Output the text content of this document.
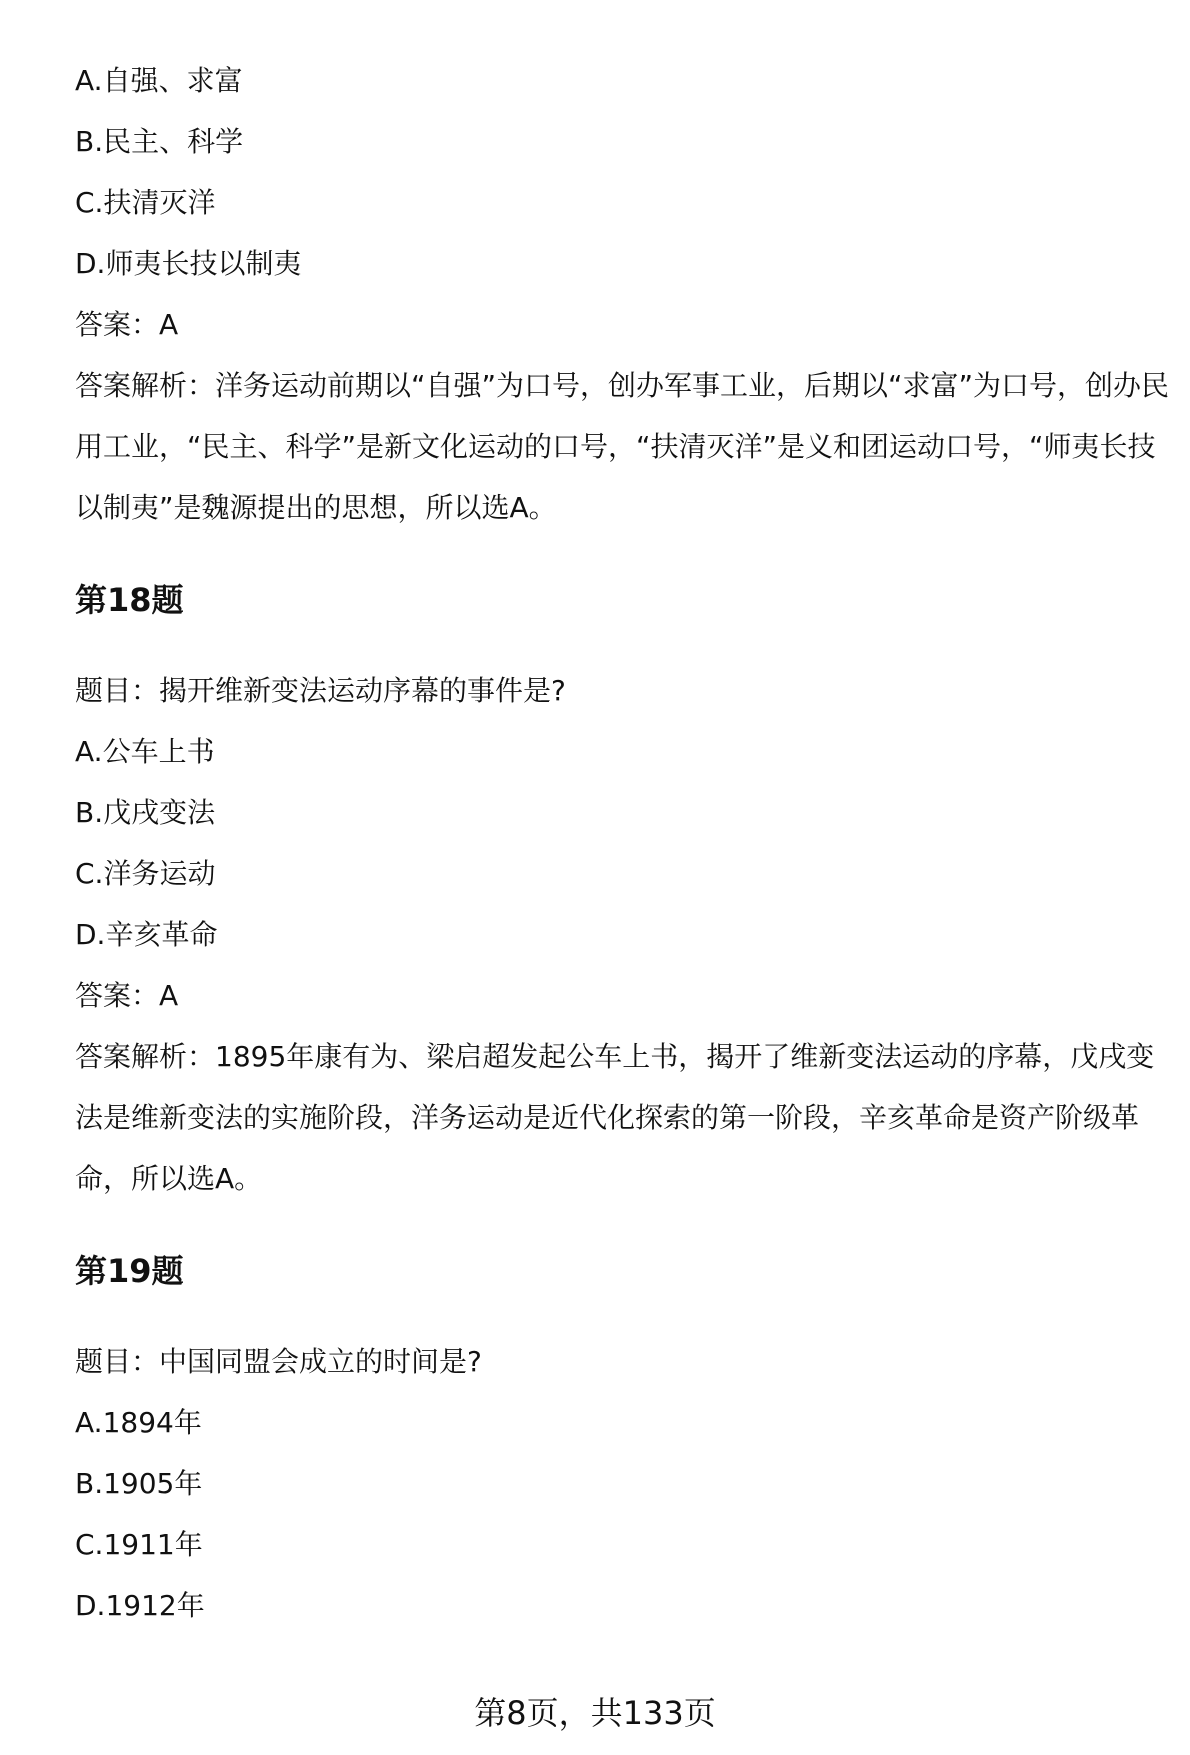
A.自强、求富
B.民主、科学
C.扶清灭洋
D.师夷长技以制夷
答案：A
答案解析：洋务运动前期以“自强”为口号，创办军事工业，后期以“求富”为口号，创办民用工业，“民主、科学”是新文化运动的口号，“扶清灭洋”是义和团运动口号，“师夷长技以制夷”是魏源提出的思想，所以选A。
第18题
题目：揭开维新变法运动序幕的事件是?
A.公车上书
B.戊戌变法
C.洋务运动
D.辛亥革命
答案：A
答案解析：1895年康有为、梁启超发起公车上书，揭开了维新变法运动的序幕，戊戌变法是维新变法的实施阶段，洋务运动是近代化探索的第一阶段，辛亥革命是资产阶级革命，所以选A。
第19题
题目：中国同盟会成立的时间是?
A.1894年
B.1905年
C.1911年
D.1912年
第8页，共133页
